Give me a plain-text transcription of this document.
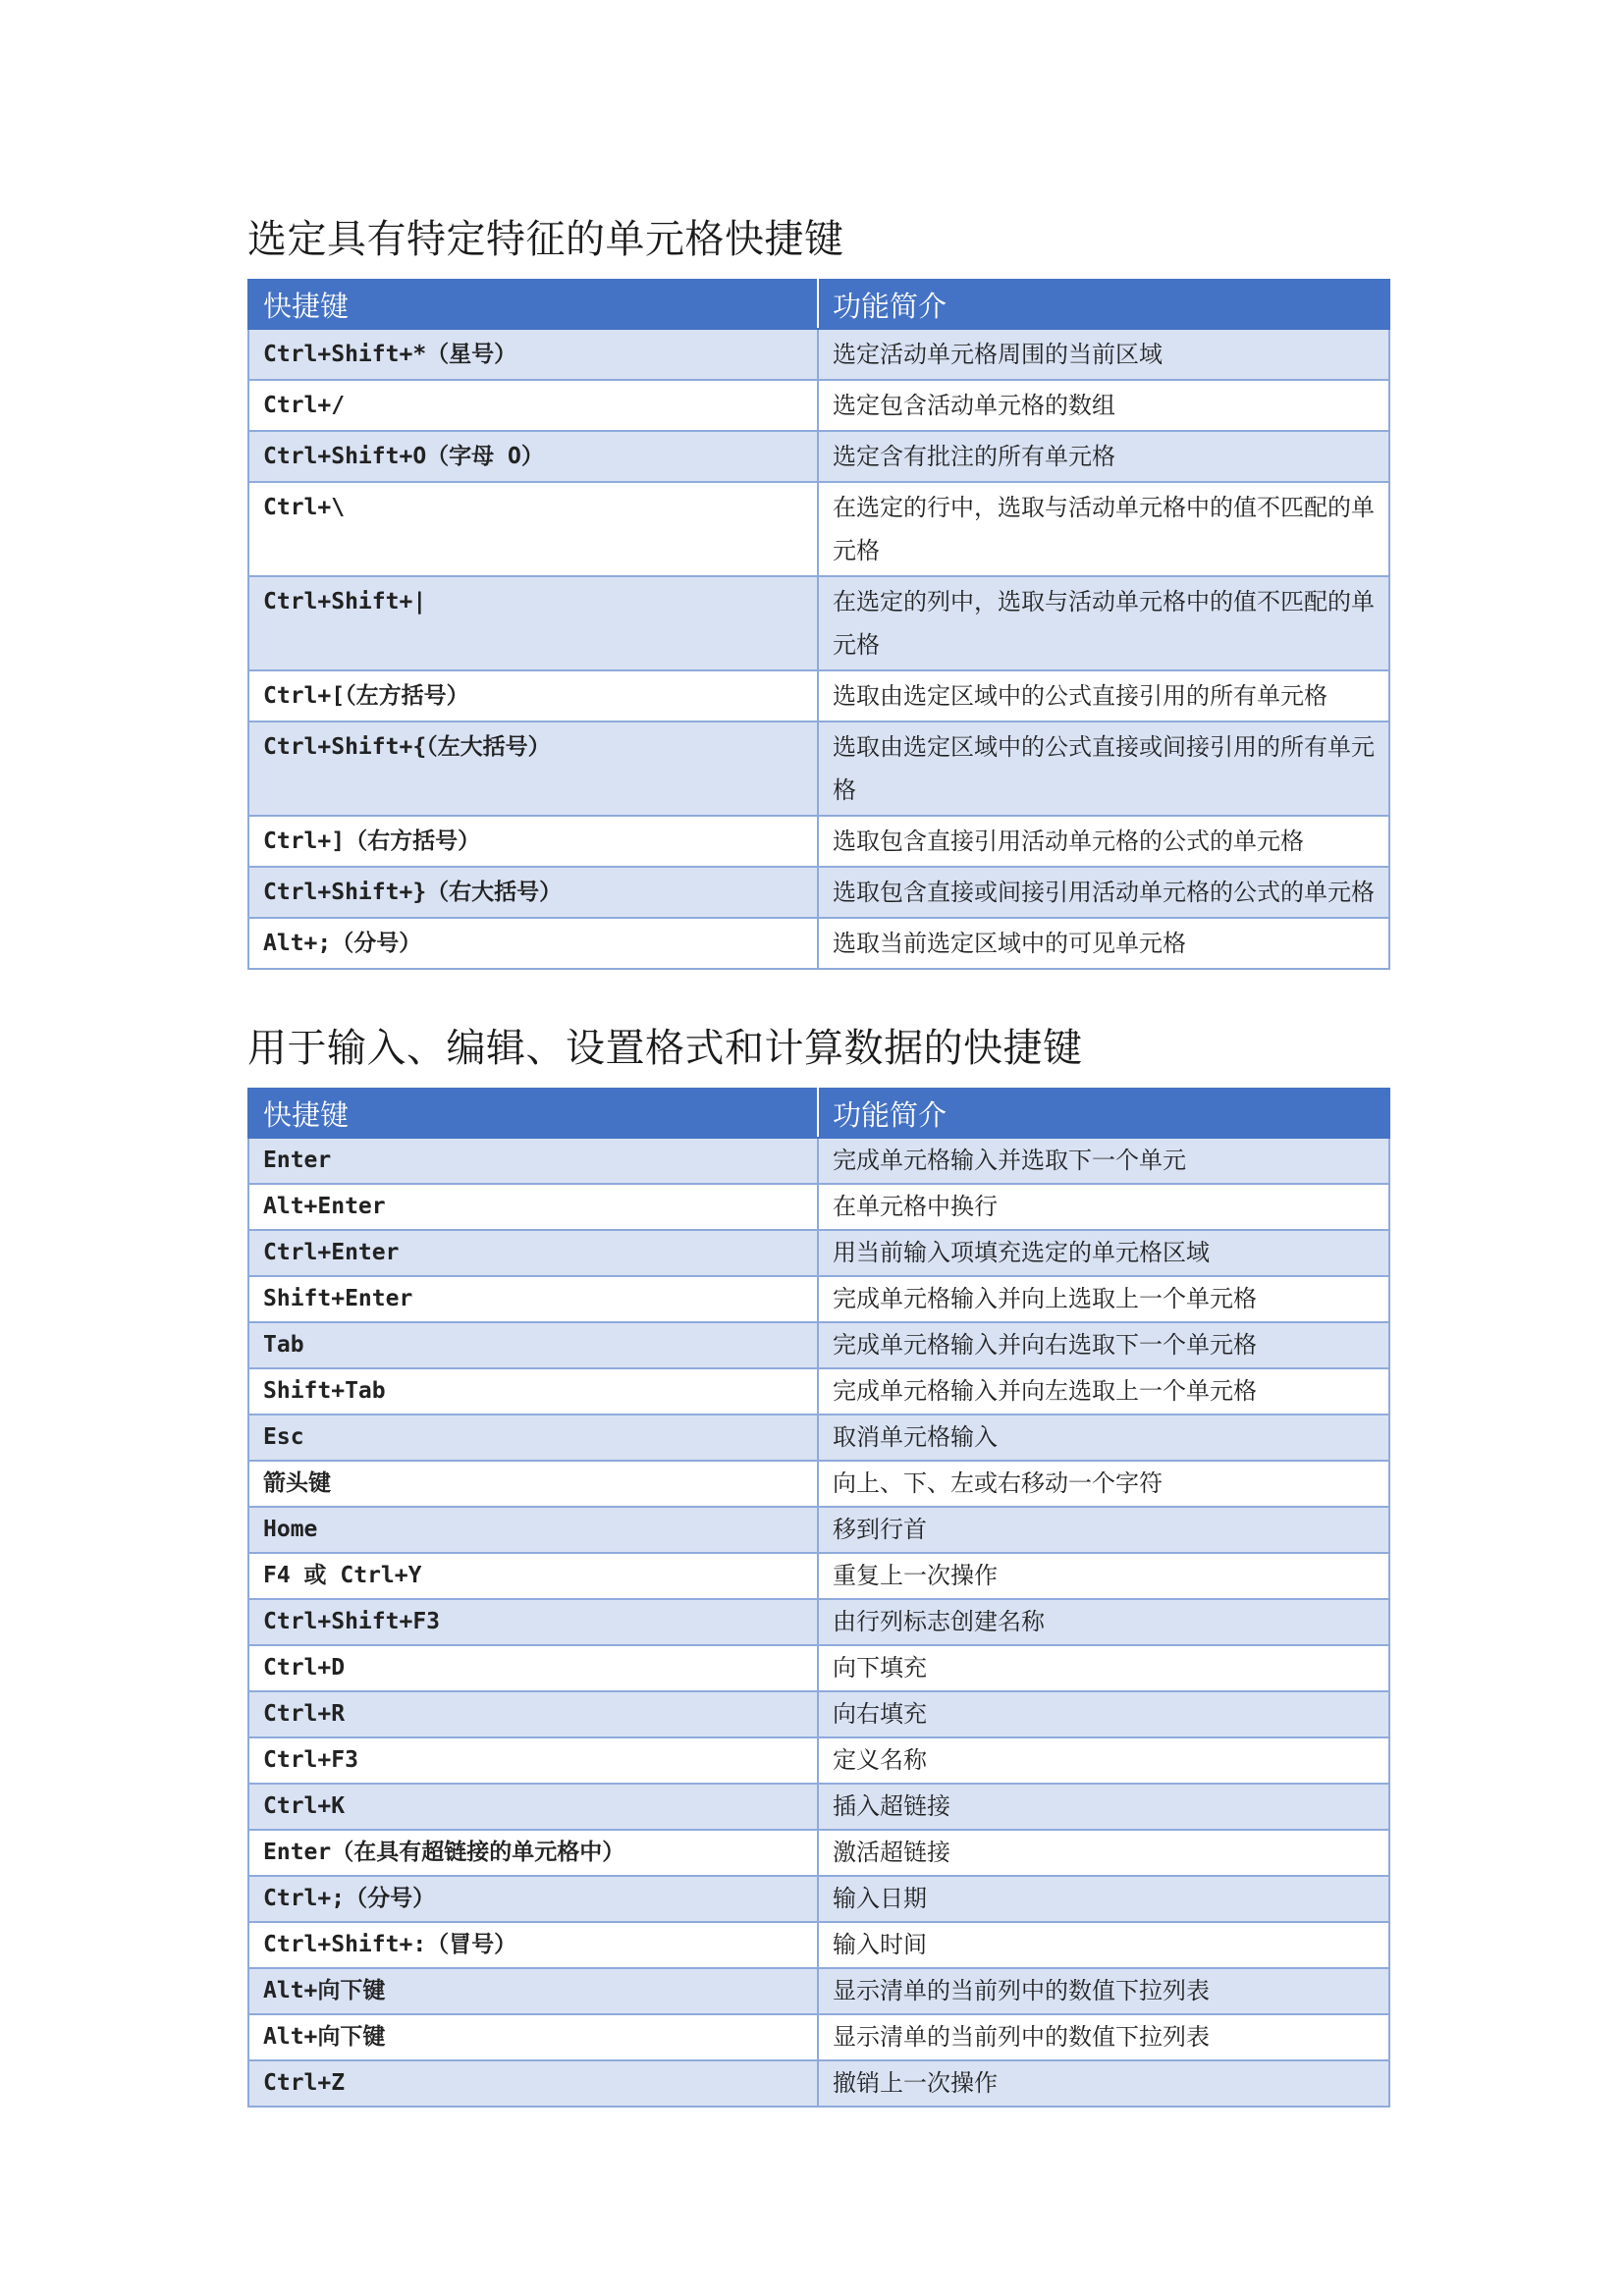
选定具有特定特征的单元格快捷键
快捷键	功能简介
Ctrl+Shift+*（星号）	选定活动单元格周围的当前区域
Ctrl+/	选定包含活动单元格的数组
Ctrl+Shift+O（字母 O）	选定含有批注的所有单元格
Ctrl+\	在选定的行中，选取与活动单元格中的值不匹配的单元格
Ctrl+Shift+|	在选定的列中，选取与活动单元格中的值不匹配的单元格
Ctrl+[（左方括号）	选取由选定区域中的公式直接引用的所有单元格
Ctrl+Shift+{（左大括号）	选取由选定区域中的公式直接或间接引用的所有单元格
Ctrl+]（右方括号）	选取包含直接引用活动单元格的公式的单元格
Ctrl+Shift+}（右大括号）	选取包含直接或间接引用活动单元格的公式的单元格
Alt+;（分号）	选取当前选定区域中的可见单元格
用于输入、编辑、设置格式和计算数据的快捷键
快捷键	功能简介
Enter	完成单元格输入并选取下一个单元
Alt+Enter	在单元格中换行
Ctrl+Enter	用当前输入项填充选定的单元格区域
Shift+Enter	完成单元格输入并向上选取上一个单元格
Tab	完成单元格输入并向右选取下一个单元格
Shift+Tab	完成单元格输入并向左选取上一个单元格
Esc	取消单元格输入
箭头键	向上、下、左或右移动一个字符
Home	移到行首
F4 或 Ctrl+Y	重复上一次操作
Ctrl+Shift+F3	由行列标志创建名称
Ctrl+D	向下填充
Ctrl+R	向右填充
Ctrl+F3	定义名称
Ctrl+K	插入超链接
Enter（在具有超链接的单元格中）	激活超链接
Ctrl+;（分号）	输入日期
Ctrl+Shift+:（冒号）	输入时间
Alt+向下键	显示清单的当前列中的数值下拉列表
Alt+向下键	显示清单的当前列中的数值下拉列表
Ctrl+Z	撤销上一次操作
